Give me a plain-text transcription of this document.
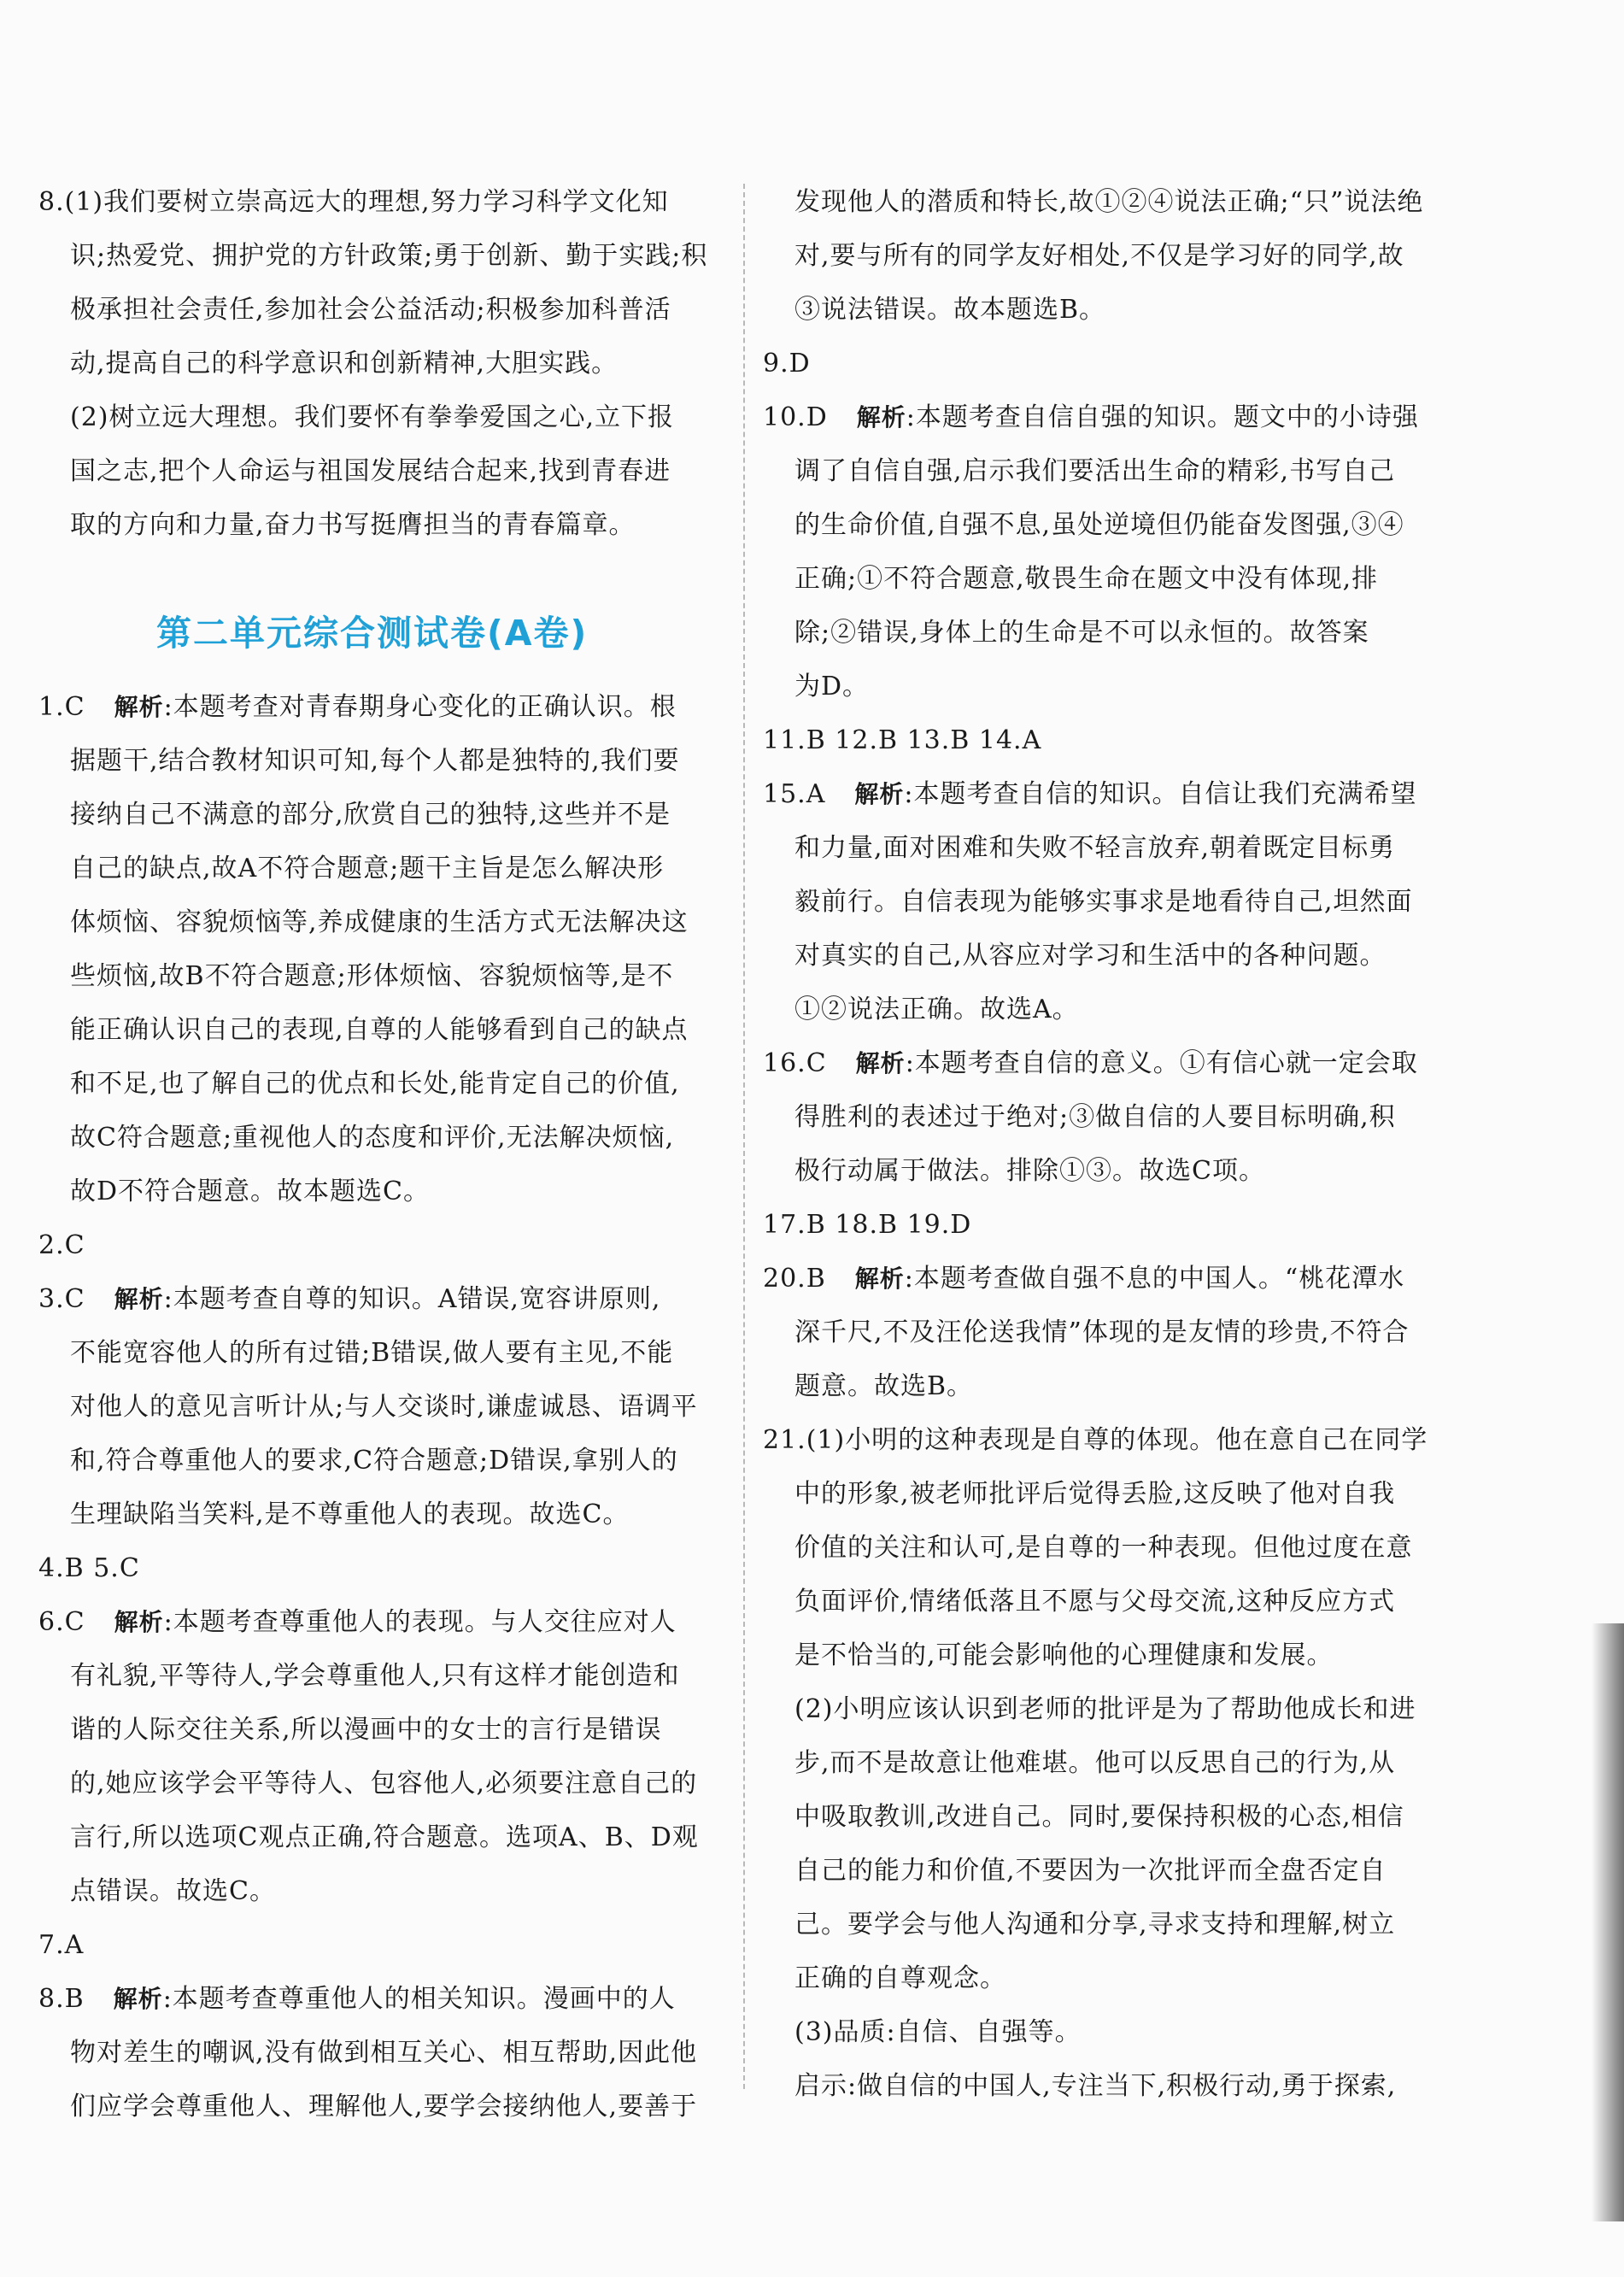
8.(1)我们要树立崇高远大的理想,努力学习科学文化知
识;热爱党、拥护党的方针政策;勇于创新、勤于实践;积
极承担社会责任,参加社会公益活动;积极参加科普活
动,提高自己的科学意识和创新精神,大胆实践。
(2)树立远大理想。我们要怀有拳拳爱国之心,立下报
国之志,把个人命运与祖国发展结合起来,找到青春进
取的方向和力量,奋力书写挺膺担当的青春篇章。
第二单元综合测试卷(A卷)
1.C 解析:本题考查对青春期身心变化的正确认识。根
据题干,结合教材知识可知,每个人都是独特的,我们要
接纳自己不满意的部分,欣赏自己的独特,这些并不是
自己的缺点,故A不符合题意;题干主旨是怎么解决形
体烦恼、容貌烦恼等,养成健康的生活方式无法解决这
些烦恼,故B不符合题意;形体烦恼、容貌烦恼等,是不
能正确认识自己的表现,自尊的人能够看到自己的缺点
和不足,也了解自己的优点和长处,能肯定自己的价值,
故C符合题意;重视他人的态度和评价,无法解决烦恼,
故D不符合题意。故本题选C。
2.C
3.C 解析:本题考查自尊的知识。A错误,宽容讲原则,
不能宽容他人的所有过错;B错误,做人要有主见,不能
对他人的意见言听计从;与人交谈时,谦虚诚恳、语调平
和,符合尊重他人的要求,C符合题意;D错误,拿别人的
生理缺陷当笑料,是不尊重他人的表现。故选C。
4.B 5.C
6.C 解析:本题考查尊重他人的表现。与人交往应对人
有礼貌,平等待人,学会尊重他人,只有这样才能创造和
谐的人际交往关系,所以漫画中的女士的言行是错误
的,她应该学会平等待人、包容他人,必须要注意自己的
言行,所以选项C观点正确,符合题意。选项A、B、D观
点错误。故选C。
7.A
8.B 解析:本题考查尊重他人的相关知识。漫画中的人
物对差生的嘲讽,没有做到相互关心、相互帮助,因此他
们应学会尊重他人、理解他人,要学会接纳他人,要善于
发现他人的潜质和特长,故①②④说法正确;“只”说法绝
对,要与所有的同学友好相处,不仅是学习好的同学,故
③说法错误。故本题选B。
9.D
10.D 解析:本题考查自信自强的知识。题文中的小诗强
调了自信自强,启示我们要活出生命的精彩,书写自己
的生命价值,自强不息,虽处逆境但仍能奋发图强,③④
正确;①不符合题意,敬畏生命在题文中没有体现,排
除;②错误,身体上的生命是不可以永恒的。故答案
为D。
11.B 12.B 13.B 14.A
15.A 解析:本题考查自信的知识。自信让我们充满希望
和力量,面对困难和失败不轻言放弃,朝着既定目标勇
毅前行。自信表现为能够实事求是地看待自己,坦然面
对真实的自己,从容应对学习和生活中的各种问题。
①②说法正确。故选A。
16.C 解析:本题考查自信的意义。①有信心就一定会取
得胜利的表述过于绝对;③做自信的人要目标明确,积
极行动属于做法。排除①③。故选C项。
17.B 18.B 19.D
20.B 解析:本题考查做自强不息的中国人。“桃花潭水
深千尺,不及汪伦送我情”体现的是友情的珍贵,不符合
题意。故选B。
21.(1)小明的这种表现是自尊的体现。他在意自己在同学
中的形象,被老师批评后觉得丢脸,这反映了他对自我
价值的关注和认可,是自尊的一种表现。但他过度在意
负面评价,情绪低落且不愿与父母交流,这种反应方式
是不恰当的,可能会影响他的心理健康和发展。
(2)小明应该认识到老师的批评是为了帮助他成长和进
步,而不是故意让他难堪。他可以反思自己的行为,从
中吸取教训,改进自己。同时,要保持积极的心态,相信
自己的能力和价值,不要因为一次批评而全盘否定自
己。要学会与他人沟通和分享,寻求支持和理解,树立
正确的自尊观念。
(3)品质:自信、自强等。
启示:做自信的中国人,专注当下,积极行动,勇于探索,
